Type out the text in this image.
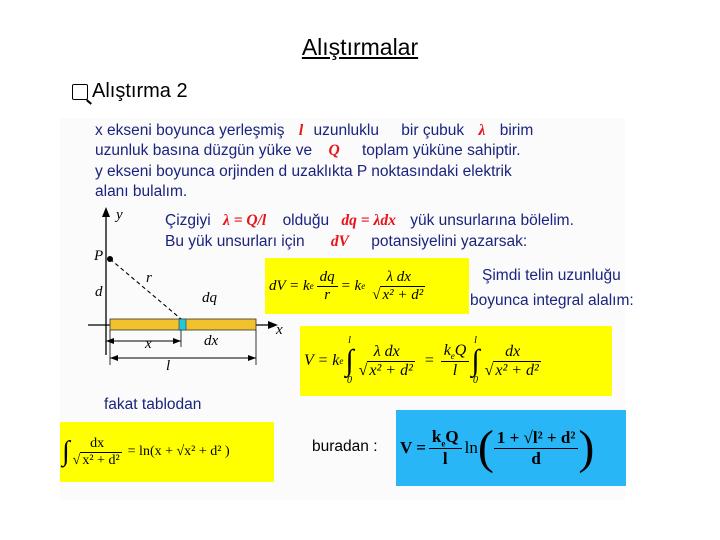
Alıştırmalar
Alıştırma 2
x ekseni boyunca yerleşmiş l uzunluklu bir çubuk λ birim
uzunluk basına düzgün yüke ve Q toplam yüküne sahiptir.
y ekseni boyunca orjinden d uzaklıkta P noktasındaki elektrik
alanı bulalım.
Çizgiyi λ = Q/l olduğu dq = λdx yük unsurlarına bölelim.
Bu yük unsurları için dV potansiyelini yazarsak:
y
x
P
r
dq
d
dx
x
l
dV = k e $\frac{dq}{r} = k$ e $\frac{\text{λ dx}}{\text{√ x² + d²}}$	Şimdi telin uzunluğu
boyunca integral alalım:
V = k e
l
∫
0
$\frac{\text{λ dx}}{\text{√ x² + d²}} = \frac{k_eQ}{l}$
l
∫
0
$\frac{dx}{\text{√ x² + d²}}$
fakat tablodan
∫ $\frac{dx}{\text{√ x² + d²}} = \ln(x + √x^2 + d^2$ )	buradan : $V = \frac{k_eQ}{l}$ ln ( $\frac{\text{1 + √l² + d²}}{d}$ )
